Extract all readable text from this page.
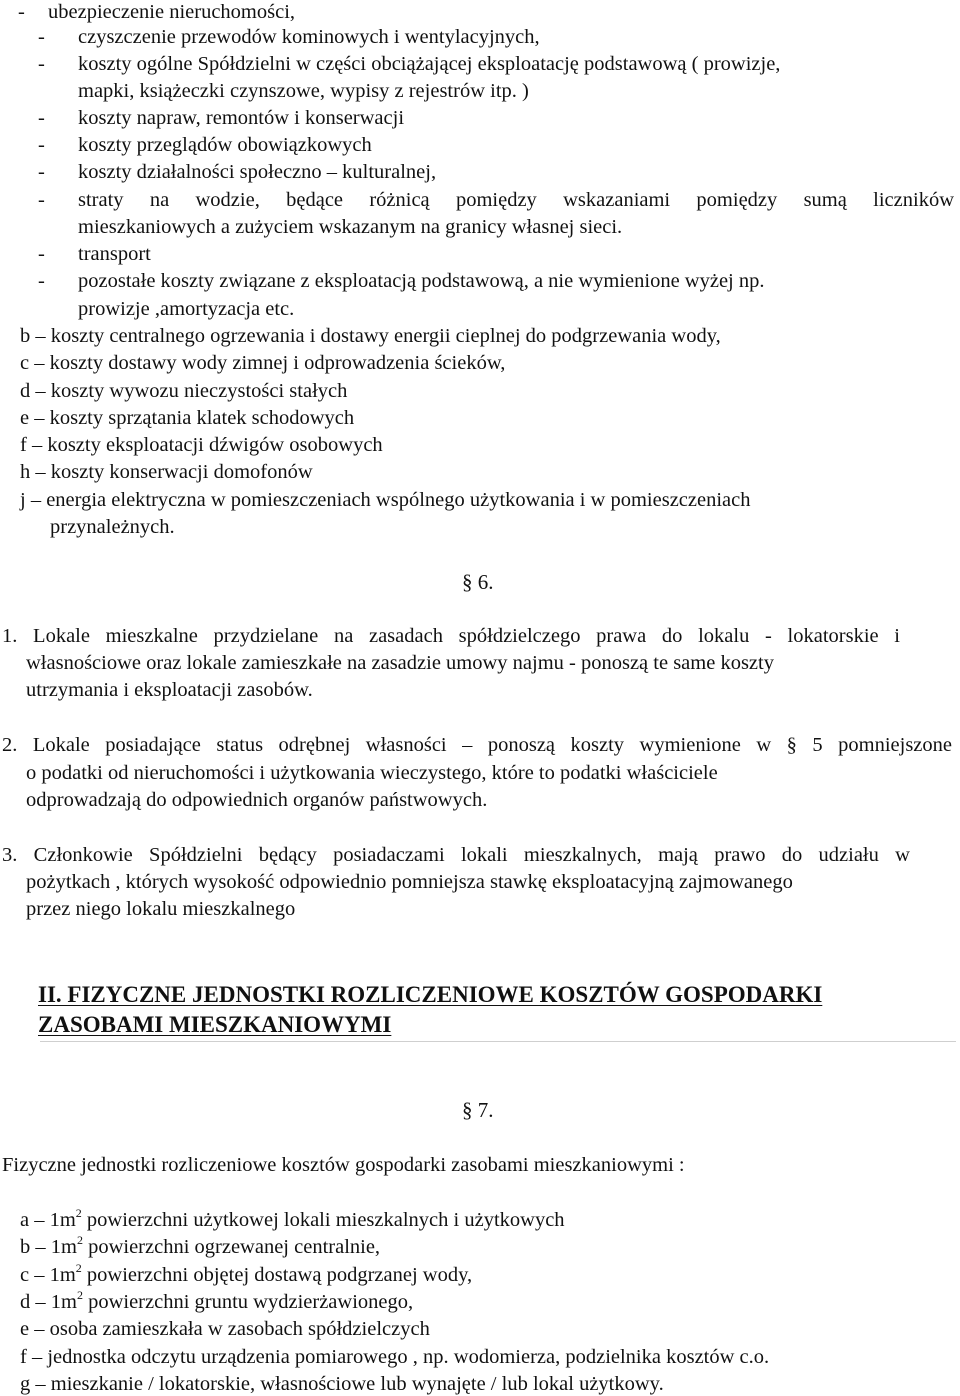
- ubezpieczenie nieruchomości,
- czyszczenie przewodów kominowych i wentylacyjnych,
- koszty ogólne Spółdzielni w części obciążającej eksploatację podstawową ( prowizje,
mapki, książeczki czynszowe, wypisy z rejestrów itp. )
- koszty napraw, remontów i konserwacji
- koszty przeglądów obowiązkowych
- koszty działalności społeczno – kulturalnej,
- straty na wodzie, będące różnicą pomiędzy wskazaniami pomiędzy sumą liczników
mieszkaniowych a zużyciem wskazanym na granicy własnej sieci.
- transport
- pozostałe koszty związane z eksploatacją podstawową, a nie wymienione wyżej np.
prowizje ,amortyzacja etc.
b – koszty centralnego ogrzewania i dostawy energii cieplnej do podgrzewania wody,
c – koszty dostawy wody zimnej i odprowadzenia ścieków,
d – koszty wywozu nieczystości stałych
e – koszty sprzątania klatek schodowych
f – koszty eksploatacji dźwigów osobowych
h – koszty konserwacji domofonów
j – energia elektryczna w pomieszczeniach wspólnego użytkowania i w pomieszczeniach
przynależnych.
§ 6.
1. Lokale mieszkalne przydzielane na zasadach spółdzielczego prawa do lokalu - lokatorskie i
własnościowe oraz lokale zamieszkałe na zasadzie umowy najmu - ponoszą te same koszty
utrzymania i eksploatacji zasobów.
2. Lokale posiadające status odrębnej własności – ponoszą koszty wymienione w § 5 pomniejszone
o podatki od nieruchomości i użytkowania wieczystego, które to podatki właściciele
odprowadzają do odpowiednich organów państwowych.
3. Członkowie Spółdzielni będący posiadaczami lokali mieszkalnych, mają prawo do udziału w
pożytkach , których wysokość odpowiednio pomniejsza stawkę eksploatacyjną zajmowanego
przez niego lokalu mieszkalnego
II. FIZYCZNE JEDNOSTKI ROZLICZENIOWE KOSZTÓW GOSPODARKI
ZASOBAMI MIESZKANIOWYMI
§ 7.
Fizyczne jednostki rozliczeniowe kosztów gospodarki zasobami mieszkaniowymi :
a – $1m^2$ powierzchni użytkowej lokali mieszkalnych i użytkowych
b – $1m^2$ powierzchni ogrzewanej centralnie,
c – $1m^2$ powierzchni objętej dostawą podgrzanej wody,
d – $1m^2$ powierzchni gruntu wydzierżawionego,
e – osoba zamieszkała w zasobach spółdzielczych
f – jednostka odczytu urządzenia pomiarowego , np. wodomierza, podzielnika kosztów c.o.
g – mieszkanie / lokatorskie, własnościowe lub wynajęte / lub lokal użytkowy.
